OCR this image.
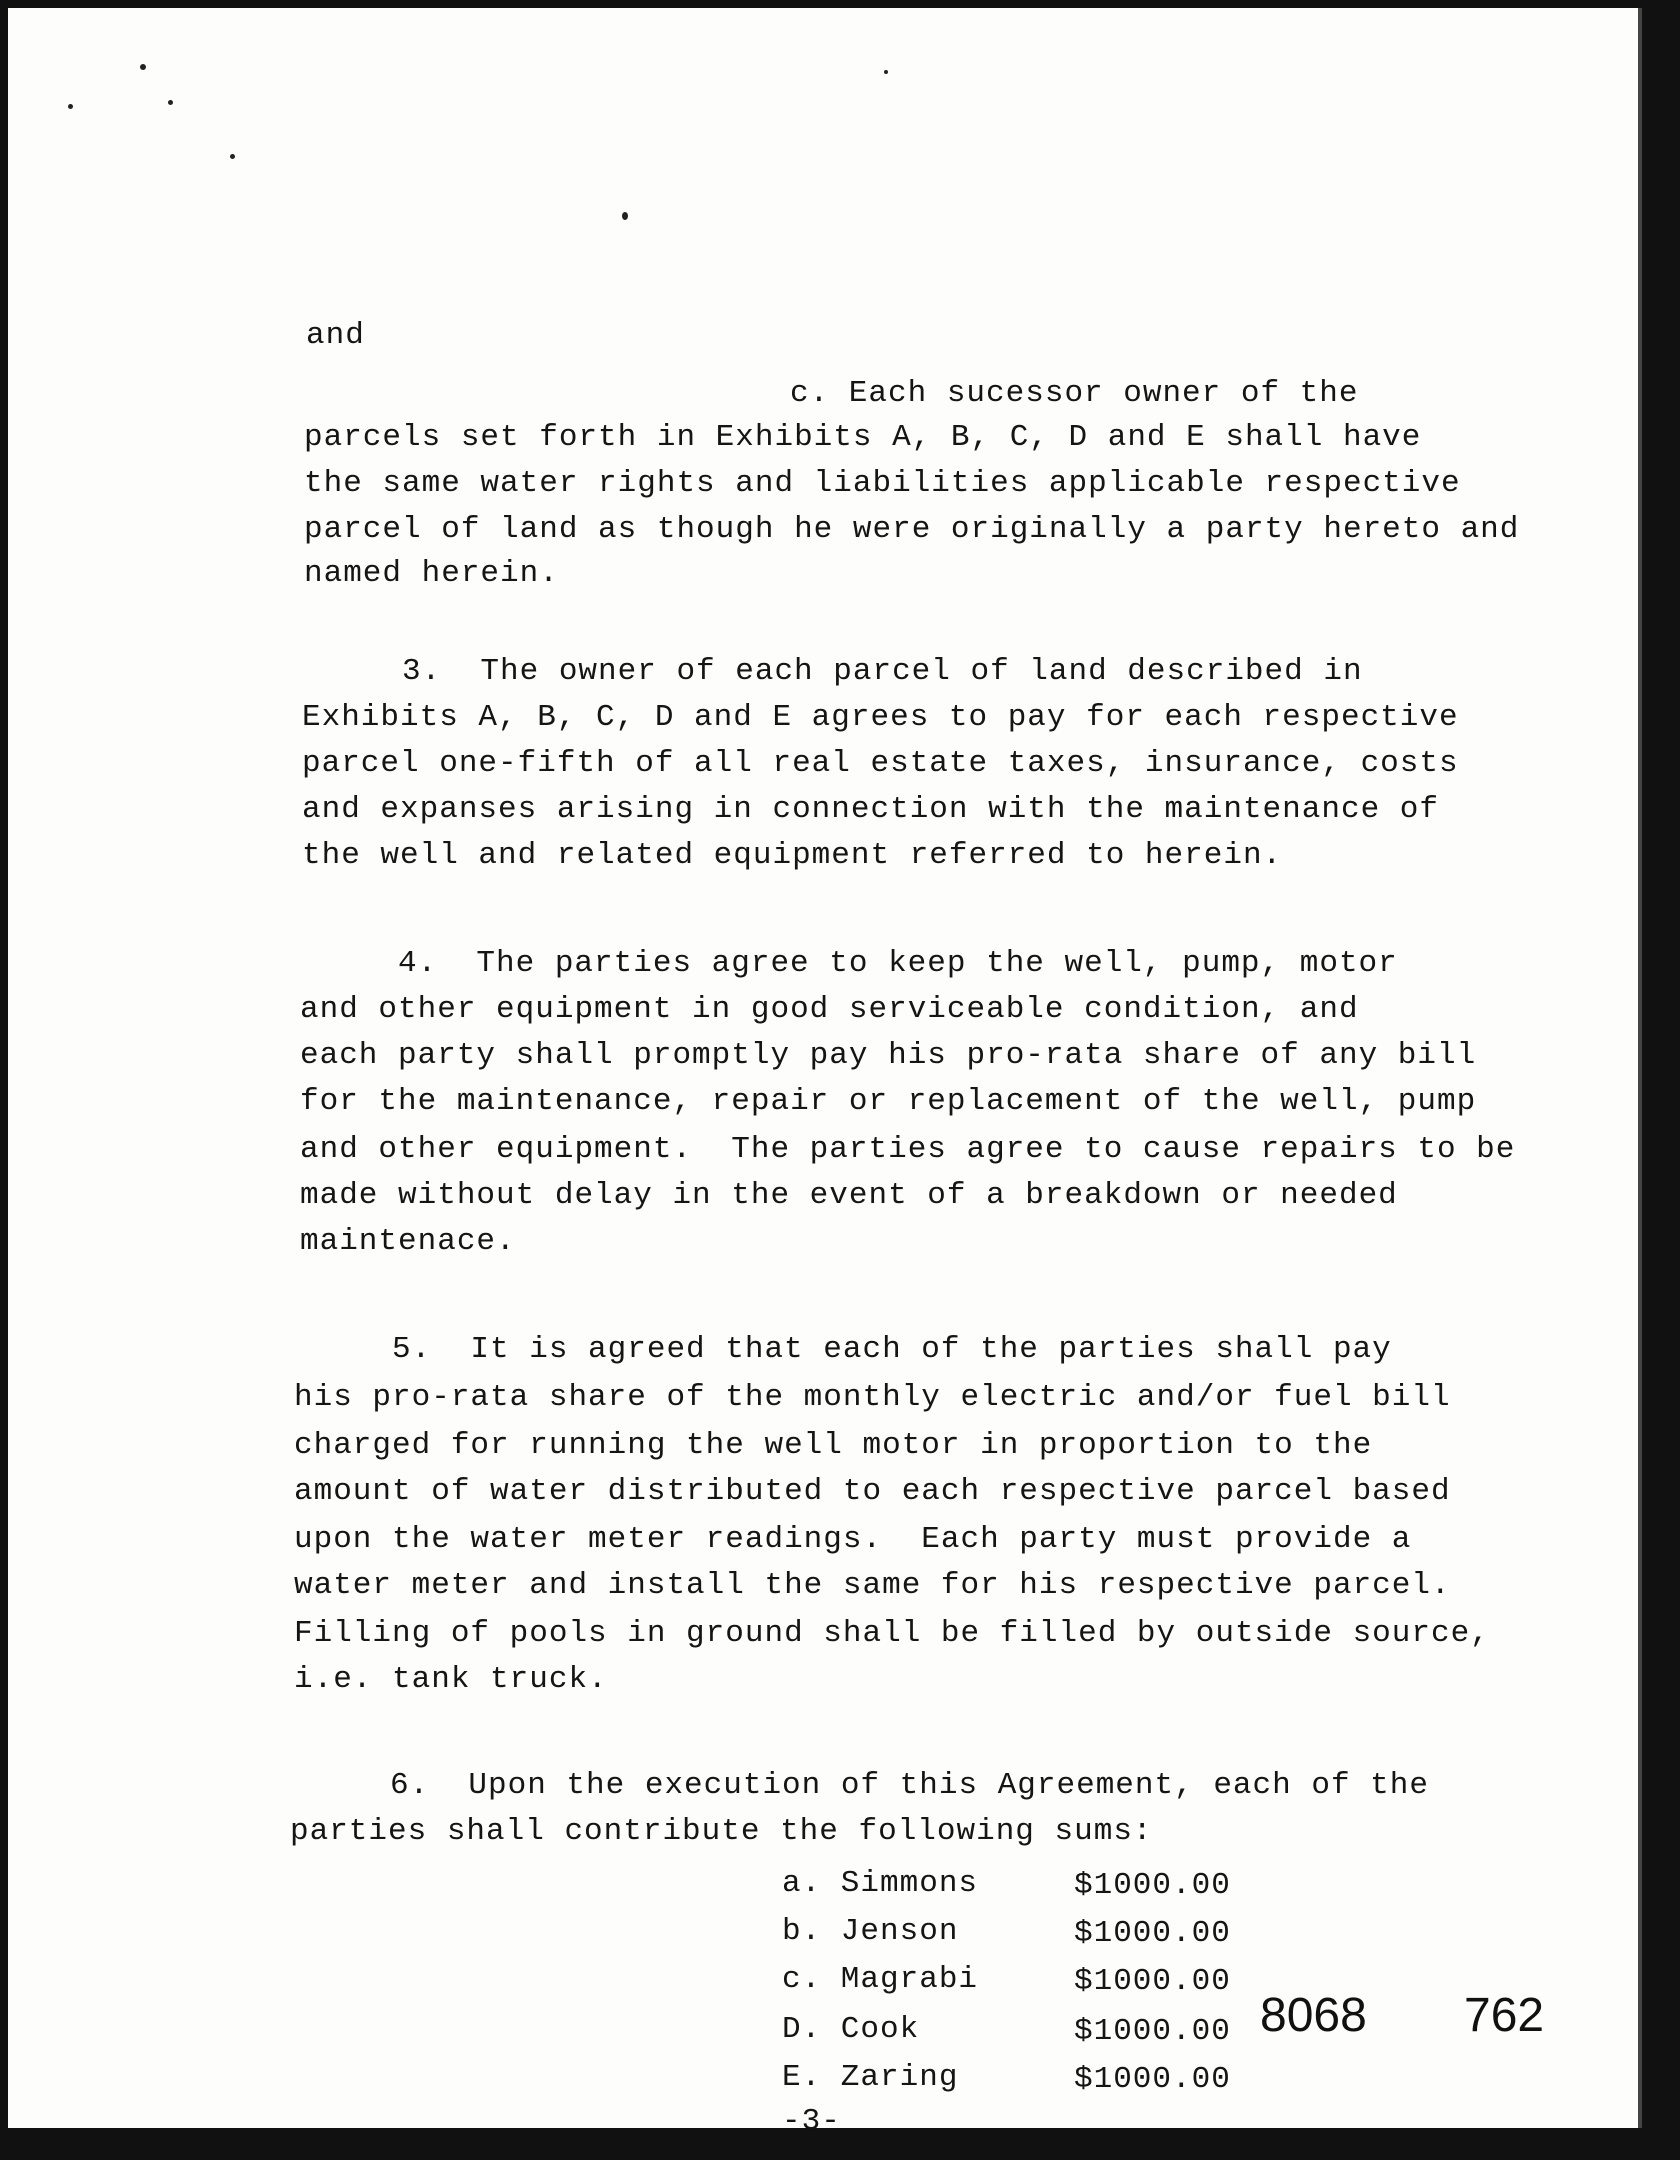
and
c. Each sucessor owner of the
parcels set forth in Exhibits A, B, C, D and E shall have
the same water rights and liabilities applicable respective
parcel of land as though he were originally a party hereto and
named herein.
3.  The owner of each parcel of land described in
Exhibits A, B, C, D and E agrees to pay for each respective
parcel one-fifth of all real estate taxes, insurance, costs
and expanses arising in connection with the maintenance of
the well and related equipment referred to herein.
4.  The parties agree to keep the well, pump, motor
and other equipment in good serviceable condition, and
each party shall promptly pay his pro-rata share of any bill
for the maintenance, repair or replacement of the well, pump
and other equipment.  The parties agree to cause repairs to be
made without delay in the event of a breakdown or needed
maintenace.
5.  It is agreed that each of the parties shall pay
his pro-rata share of the monthly electric and/or fuel bill
charged for running the well motor in proportion to the
amount of water distributed to each respective parcel based
upon the water meter readings.  Each party must provide a
water meter and install the same for his respective parcel.
Filling of pools in ground shall be filled by outside source,
i.e. tank truck.
6.  Upon the execution of this Agreement, each of the
parties shall contribute the following sums:
a. Simmons	$1000.00
b. Jenson	$1000.00
c. Magrabi	$1000.00
D. Cook	$1000.00
E. Zaring	$1000.00
-3-
8068 762
